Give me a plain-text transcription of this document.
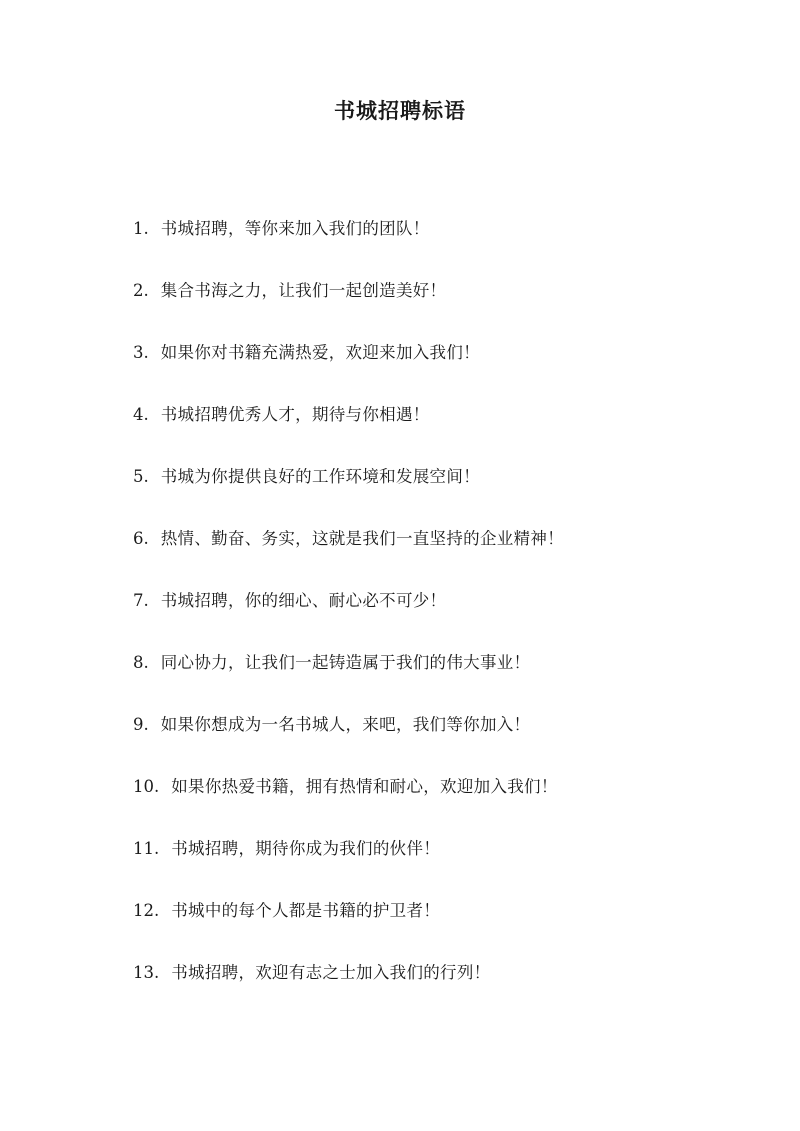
书城招聘标语
1. 书城招聘，等你来加入我们的团队！
2. 集合书海之力，让我们一起创造美好！
3. 如果你对书籍充满热爱，欢迎来加入我们！
4. 书城招聘优秀人才，期待与你相遇！
5. 书城为你提供良好的工作环境和发展空间！
6. 热情、勤奋、务实，这就是我们一直坚持的企业精神！
7. 书城招聘，你的细心、耐心必不可少！
8. 同心协力，让我们一起铸造属于我们的伟大事业！
9. 如果你想成为一名书城人，来吧，我们等你加入！
10. 如果你热爱书籍，拥有热情和耐心，欢迎加入我们！
11. 书城招聘，期待你成为我们的伙伴！
12. 书城中的每个人都是书籍的护卫者！
13. 书城招聘，欢迎有志之士加入我们的行列！
